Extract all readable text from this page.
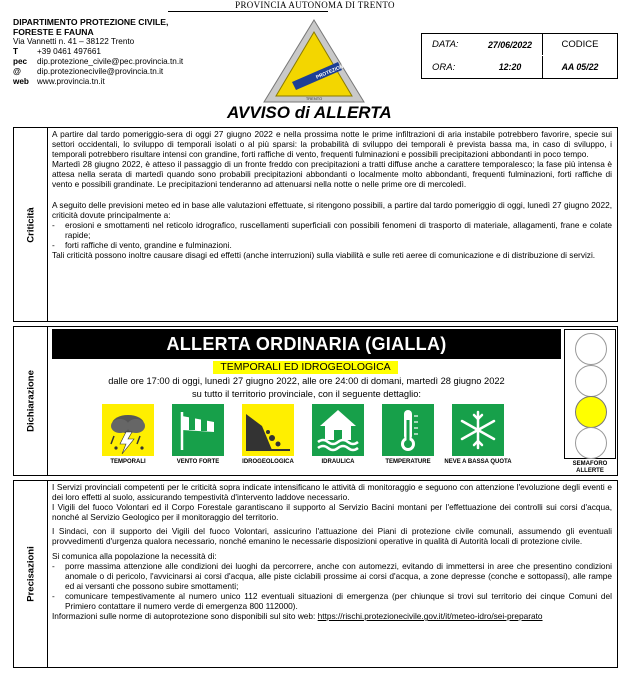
PROVINCIA AUTONOMA DI TRENTO
DIPARTIMENTO PROTEZIONE CIVILE,
FORESTE E FAUNA
Via Vannetti n. 41 – 38122 Trento
T	+39 0461 497661
pec	dip.protezione_civile@pec.provincia.tn.it
@	dip.protezionecivile@provincia.tn.it
web www.provincia.tn.it
PROTEZIONE CIVILE
TRENTO
DATA:	27/06/2022	CODICE
ORA:	12:20	AA 05/22
AVVISO di ALLERTA
Criticità

A partire dal tardo pomeriggio-sera di oggi 27 giugno 2022 e nella prossima notte le prime infiltrazioni di aria instabile potrebbero favorire, specie sui settori occidentali, lo sviluppo di temporali isolati o al più sparsi: la probabilità di sviluppo dei temporali è prevista bassa ma, in caso di sviluppo, i temporali potrebbero risultare intensi con grandine, forti raffiche di vento, frequenti fulminazioni e possibili precipitazioni abbondanti in poco tempo.

Martedì 28 giugno 2022, è atteso il passaggio di un fronte freddo con precipitazioni a tratti diffuse anche a carattere temporalesco; la fase più intensa è attesa nella serata di martedì quando sono probabili precipitazioni abbondanti o localmente molto abbondanti, frequenti fulminazioni, forti raffiche di vento e possibili grandinate. Le precipitazioni tenderanno ad attenuarsi nella notte o nelle prime ore di mercoledì.

A seguito delle previsioni meteo ed in base alle valutazioni effettuate, si ritengono possibili, a partire dal tardo pomeriggio di oggi, lunedì 27 giugno 2022, criticità dovute principalmente a:

-	erosioni e smottamenti nel reticolo idrografico, ruscellamenti superficiali con possibili fenomeni di trasporto di materiale, allagamenti, frane e colate rapide;
-	forti raffiche di vento, grandine e fulminazioni.

Tali criticità possono inoltre causare disagi ed effetti (anche interruzioni) sulla viabilità e sulle reti aeree di comunicazione e di distribuzione di servizi.

Dichiarazione
ALLERTA ORDINARIA (GIALLA)
TEMPORALI ED IDROGEOLOGICA
dalle ore 17:00 di oggi, lunedì 27 giugno 2022, alle ore 24:00 di domani, martedì 28 giugno 2022
su tutto il territorio provinciale, con il seguente dettaglio:
TEMPORALI	VENTO FORTE	IDROGEOLOGICA	IDRAULICA	TEMPERATURE	NEVE A BASSA QUOTA	SEMAFORO ALLERTE
Precisazioni

I Servizi provinciali competenti per le criticità sopra indicate intensificano le attività di monitoraggio e seguono con attenzione l'evoluzione degli eventi e dei loro effetti al suolo, assicurando tempestività d'intervento laddove necessario.

I Vigili del fuoco Volontari ed il Corpo Forestale garantiscano il supporto al Servizio Bacini montani per l'effettuazione dei controlli sui corsi d'acqua, nonché al Servizio Geologico per il monitoraggio del territorio.

I Sindaci, con il supporto dei Vigili del fuoco Volontari, assicurino l'attuazione dei Piani di protezione civile comunali, assumendo gli eventuali provvedimenti d'urgenza qualora necessario, nonché emanino le necessarie disposizioni operative in qualità di Autorità locali di protezione civile.

Si comunica alla popolazione la necessità di:

-	porre massima attenzione alle condizioni dei luoghi da percorrere, anche con automezzi, evitando di immettersi in aree che presentino condizioni anomale o di pericolo, l'avvicinarsi ai corsi d'acqua, alle piste ciclabili prossime ai corsi d'acqua, a zone depresse (conche e sottopassi), alle rampe ed ai versanti che possono subire smottamenti;
-	comunicare tempestivamente al numero unico 112 eventuali situazioni di emergenza (per chiunque si trovi sul territorio dei cinque Comuni del Primiero contattare il numero verde di emergenza 800 112000).

Informazioni sulle norme di autoprotezione sono disponibili sul sito web: https://rischi.protezionecivile.gov.it/it/meteo-idro/sei-preparato
